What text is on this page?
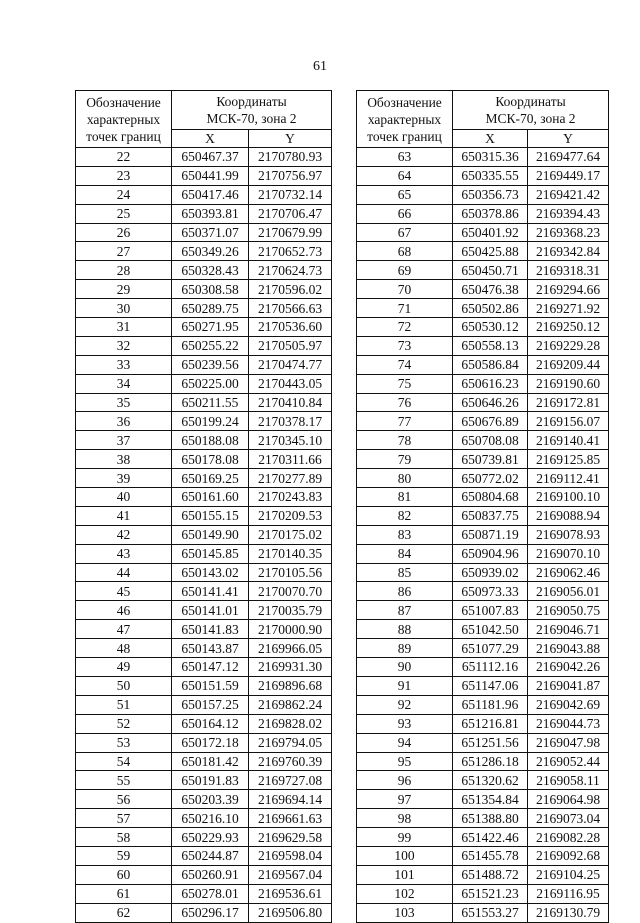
61
Обозначение
характерных
точек границ	Координаты
МСК-70, зона 2	
	X	Y
22	650467.37	2170780.93
23	650441.99	2170756.97
24	650417.46	2170732.14
25	650393.81	2170706.47
26	650371.07	2170679.99
27	650349.26	2170652.73
28	650328.43	2170624.73
29	650308.58	2170596.02
30	650289.75	2170566.63
31	650271.95	2170536.60
32	650255.22	2170505.97
33	650239.56	2170474.77
34	650225.00	2170443.05
35	650211.55	2170410.84
36	650199.24	2170378.17
37	650188.08	2170345.10
38	650178.08	2170311.66
39	650169.25	2170277.89
40	650161.60	2170243.83
41	650155.15	2170209.53
42	650149.90	2170175.02
43	650145.85	2170140.35
44	650143.02	2170105.56
45	650141.41	2170070.70
46	650141.01	2170035.79
47	650141.83	2170000.90
48	650143.87	2169966.05
49	650147.12	2169931.30
50	650151.59	2169896.68
51	650157.25	2169862.24
52	650164.12	2169828.02
53	650172.18	2169794.05
54	650181.42	2169760.39
55	650191.83	2169727.08
56	650203.39	2169694.14
57	650216.10	2169661.63
58	650229.93	2169629.58
59	650244.87	2169598.04
60	650260.91	2169567.04
61	650278.01	2169536.61
62	650296.17	2169506.80
Обозначение
характерных
точек границ	Координаты
МСК-70, зона 2	
	X	Y
63	650315.36	2169477.64
64	650335.55	2169449.17
65	650356.73	2169421.42
66	650378.86	2169394.43
67	650401.92	2169368.23
68	650425.88	2169342.84
69	650450.71	2169318.31
70	650476.38	2169294.66
71	650502.86	2169271.92
72	650530.12	2169250.12
73	650558.13	2169229.28
74	650586.84	2169209.44
75	650616.23	2169190.60
76	650646.26	2169172.81
77	650676.89	2169156.07
78	650708.08	2169140.41
79	650739.81	2169125.85
80	650772.02	2169112.41
81	650804.68	2169100.10
82	650837.75	2169088.94
83	650871.19	2169078.93
84	650904.96	2169070.10
85	650939.02	2169062.46
86	650973.33	2169056.01
87	651007.83	2169050.75
88	651042.50	2169046.71
89	651077.29	2169043.88
90	651112.16	2169042.26
91	651147.06	2169041.87
92	651181.96	2169042.69
93	651216.81	2169044.73
94	651251.56	2169047.98
95	651286.18	2169052.44
96	651320.62	2169058.11
97	651354.84	2169064.98
98	651388.80	2169073.04
99	651422.46	2169082.28
100	651455.78	2169092.68
101	651488.72	2169104.25
102	651521.23	2169116.95
103	651553.27	2169130.79
